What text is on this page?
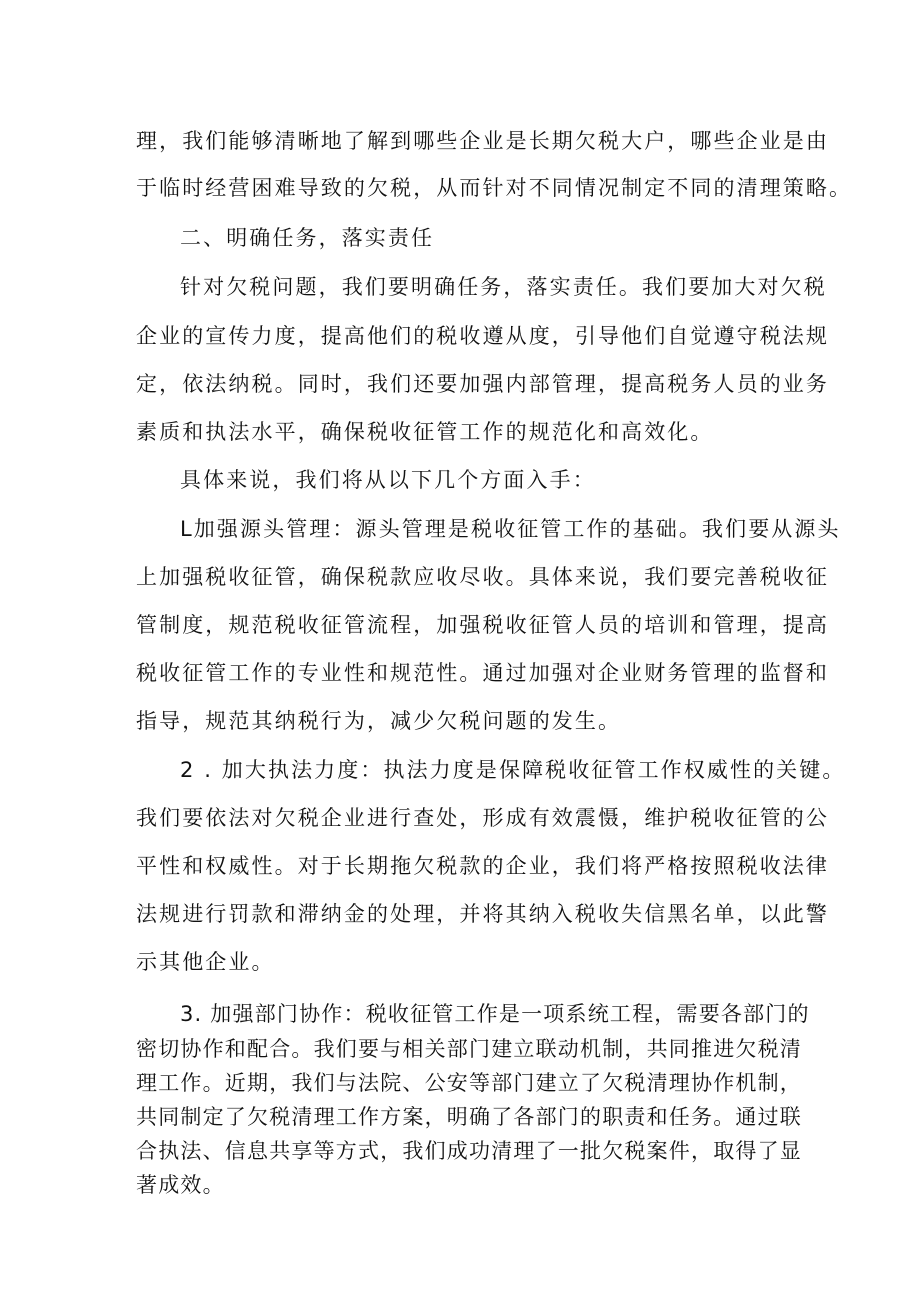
理，我们能够清晰地了解到哪些企业是长期欠税大户，哪些企业是由
于临时经营困难导致的欠税，从而针对不同情况制定不同的清理策略。
二、明确任务，落实责任
针对欠税问题，我们要明确任务，落实责任。我们要加大对欠税
企业的宣传力度，提高他们的税收遵从度，引导他们自觉遵守税法规
定，依法纳税。同时，我们还要加强内部管理，提高税务人员的业务
素质和执法水平，确保税收征管工作的规范化和高效化。
具体来说，我们将从以下几个方面入手：
L加强源头管理：源头管理是税收征管工作的基础。我们要从源头
上加强税收征管，确保税款应收尽收。具体来说，我们要完善税收征
管制度，规范税收征管流程，加强税收征管人员的培训和管理，提高
税收征管工作的专业性和规范性。通过加强对企业财务管理的监督和
指导，规范其纳税行为，减少欠税问题的发生。
2 . 加大执法力度：执法力度是保障税收征管工作权威性的关键。
我们要依法对欠税企业进行查处，形成有效震慑，维护税收征管的公
平性和权威性。对于长期拖欠税款的企业，我们将严格按照税收法律
法规进行罚款和滞纳金的处理，并将其纳入税收失信黑名单，以此警
示其他企业。
3. 加强部门协作：税收征管工作是一项系统工程，需要各部门的
密切协作和配合。我们要与相关部门建立联动机制，共同推进欠税清
理工作。近期，我们与法院、公安等部门建立了欠税清理协作机制，
共同制定了欠税清理工作方案，明确了各部门的职责和任务。通过联
合执法、信息共享等方式，我们成功清理了一批欠税案件，取得了显
著成效。
